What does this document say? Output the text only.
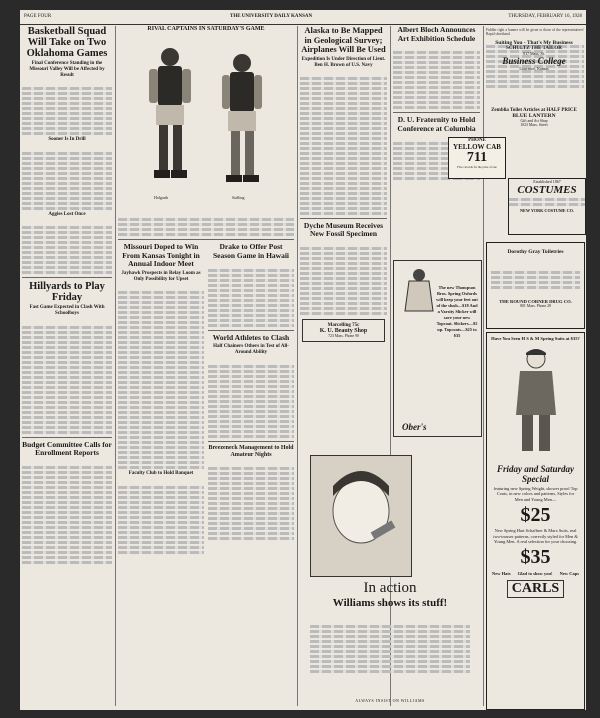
PAGE FOUR	THE UNIVERSITY DAILY KANSAN	THURSDAY, FEBRUARY 16, 1928
Basketball Squad Will Take on Two Oklahoma Games
Final Conference Standing in the Missouri Valley Will be Affected by Result
Sooner Is In Drill
Aggies Lost Once
Hillyards to Play Friday
Fast Game Expected in Clash With Schoolboys
Budget Committee Calls for Enrollment Reports
RIVAL CAPTAINS IN SATURDAY'S GAME
Holgarth	Stalling
Missouri Doped to Win From Kansas Tonight in Annual Indoor Meet
Jayhawk Prospects in Relay Loom as Only Possibility for Upset
Faculty Club to Hold Banquet
Drake to Offer Post Season Game in Hawaii
World Athletes to Clash
Half Chainers Others in Test of All-Around Ability
Breezeneck Management to Hold Amateur Nights
Alaska to Be Mapped in Geological Survey; Airplanes Will Be Used
Expedition Is Under Direction of Lieut. Ben H. Brown of U.S. Navy
Dyche Museum Receives New Fossil Specimen
Marcelling 75c
K. U. Beauty Shop
723 Mass. Phone 90
Albert Bloch Announces Art Exhibition Schedule
D. U. Fraternity to Hold Conference at Columbia
The new Thompson Bros. Spring Oxfords will keep your feet out of the slush—$18 And a Varsity Slicker will save your new Topcoat. Slickers—$5 up. Topcoats—$25 to $35
Ober's
In action
Williams shows its stuff!
ALWAYS INSIST ON WILLIAMS
Fiddler right a banner will be given to those of the representatives' Rapid shorthand.
Suiting You - That's My Business
SCHULTZ THE TAILOR
917 Mass. St.
Business College
Lawrence, Kansas
Zemblia Toilet Articles at HALF PRICE
BLUE LANTERN
Gift and Art Shop
1023 Mass. Street
PHONE
YELLOW CAB
711
Five can ride for the price of one
Established 1867
COSTUMES
NEW YORK COSTUME CO.
Dorothy Gray Toiletries
THE ROUND CORNER DRUG CO.
801 Mass. Phone 28
Have You Seen H S & M Spring Suits at $35?
Friday and Saturday Special
featuring new Spring Weight, shower proof Top Coats, in new colors and patterns, Styles for Men and Young Men—
$25
New Spring Hart Schaffner & Marx Suits, real two-trouser patterns, correctly styled for Men & Young Men. A real selection for your choosing.
$35
New Hats Glad to show you! New Caps
CARLS
